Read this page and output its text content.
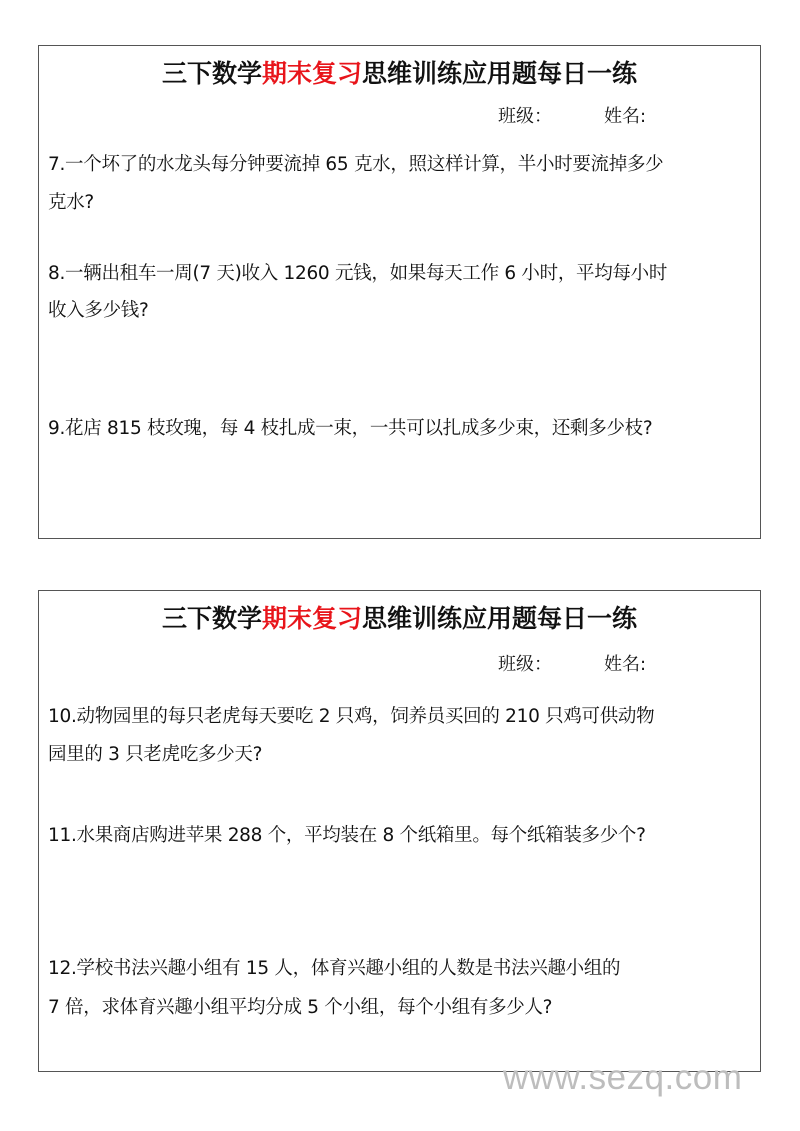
三下数学期末复习思维训练应用题每日一练
班级：	姓名:
7.一个坏了的水龙头每分钟要流掉 65 克水，照这样计算，半小时要流掉多少
克水?
8.一辆出租车一周(7 天)收入 1260 元钱，如果每天工作 6 小时，平均每小时
收入多少钱?
9.花店 815 枝玫瑰，每 4 枝扎成一束，一共可以扎成多少束，还剩多少枝?
三下数学期末复习思维训练应用题每日一练
班级：	姓名:
10.动物园里的每只老虎每天要吃 2 只鸡，饲养员买回的 210 只鸡可供动物
园里的 3 只老虎吃多少天?
11.水果商店购进苹果 288 个，平均装在 8 个纸箱里。每个纸箱装多少个?
12.学校书法兴趣小组有 15 人，体育兴趣小组的人数是书法兴趣小组的
7 倍，求体育兴趣小组平均分成 5 个小组，每个小组有多少人?
www.sezq.com
